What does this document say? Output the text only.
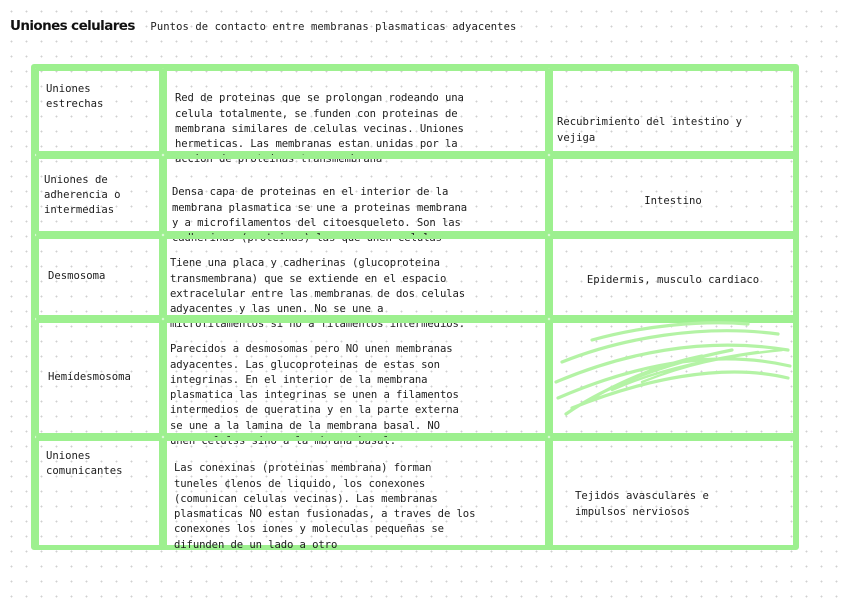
Uniones celulares Puntos de contacto entre membranas plasmaticas adyacentes
Uniones
estrechas	Red de proteinas que se prolongan rodeando una
celula totalmente, se funden con proteinas de
membrana similares de celulas vecinas. Uniones
hermeticas. Las membranas estan unidas por la
accion de proteinas transmembrana

Recubrimiento del intestino y
vejiga

Uniones de
adherencia o
intermedias

Densa capa de proteinas en el interior de la
membrana plasmatica se une a proteinas membrana
y a microfilamentos del citoesqueleto. Son las
cadherinas (proteinas) las que unen celulas

Intestino

Desmosoma

Tiene una placa y cadherinas (glucoproteina
transmembrana) que se extiende en el espacio
extracelular entre las membranas de dos celulas
adyacentes y las unen. No se une a
microfilamentos si no a filamentos intermedios.

Epidermis, musculo cardiaco

Hemidesmosoma

Parecidos a desmosomas pero NO unen membranas
adyacentes. Las glucoproteinas de estas son
integrinas. En el interior de la membrana
plasmatica las integrinas se unen a filamentos
intermedios de queratina y en la parte externa
se une a la lamina de la membrana basal. NO
unen celulss sino a la mbrana basal.

Uniones
comunicantes	Las conexinas (proteinas membrana) forman
tuneles ¢lenos de liquido, los conexones
(comunican celulas vecinas). Las membranas
plasmaticas NO estan fusionadas, a traves de los
conexones los iones y moleculas pequeñas se
difunden de un lado a otro

Tejidos avasculares e
impulsos nerviosos
